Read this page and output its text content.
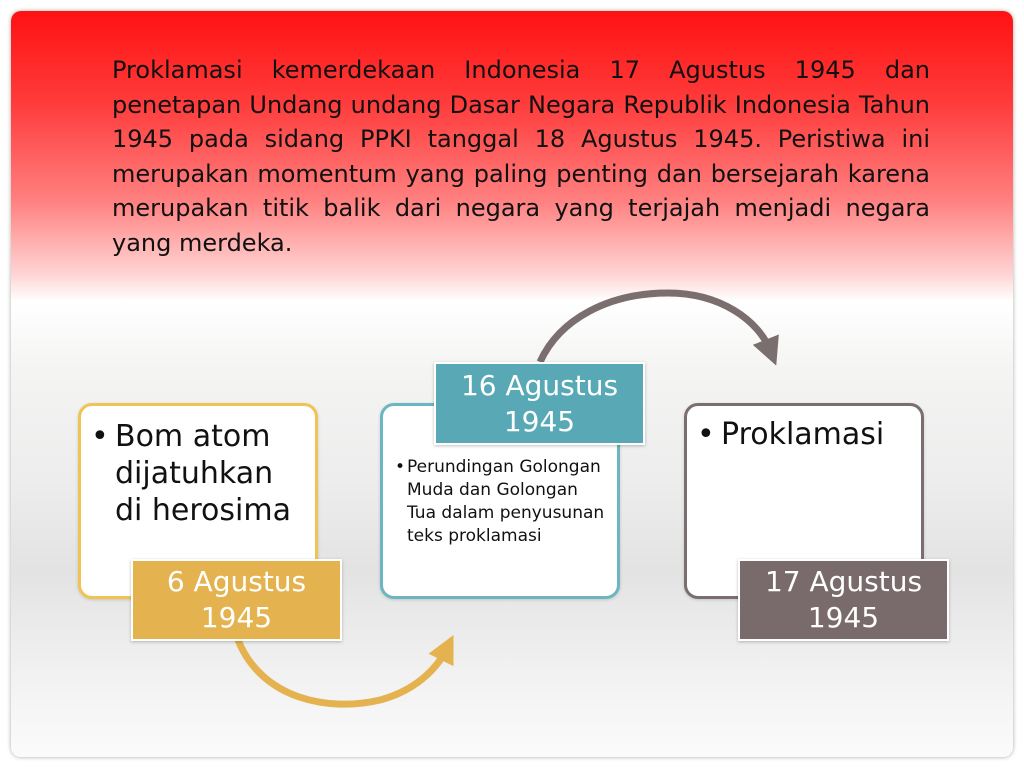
Proklamasi kemerdekaan Indonesia 17 Agustus 1945 dan penetapan Undang undang Dasar Negara Republik Indonesia Tahun 1945 pada sidang PPKI tanggal 18 Agustus 1945. Peristiwa ini merupakan momentum yang paling penting dan bersejarah karena merupakan titik balik dari negara yang terjajah menjadi negara yang merdeka.

• Bom atom dijatuhkan di herosima
• Perundingan Golongan Muda dan Golongan Tua dalam penyusunan teks proklamasi
• Proklamasi
6 Agustus
1945
16 Agustus
1945
17 Agustus
1945
